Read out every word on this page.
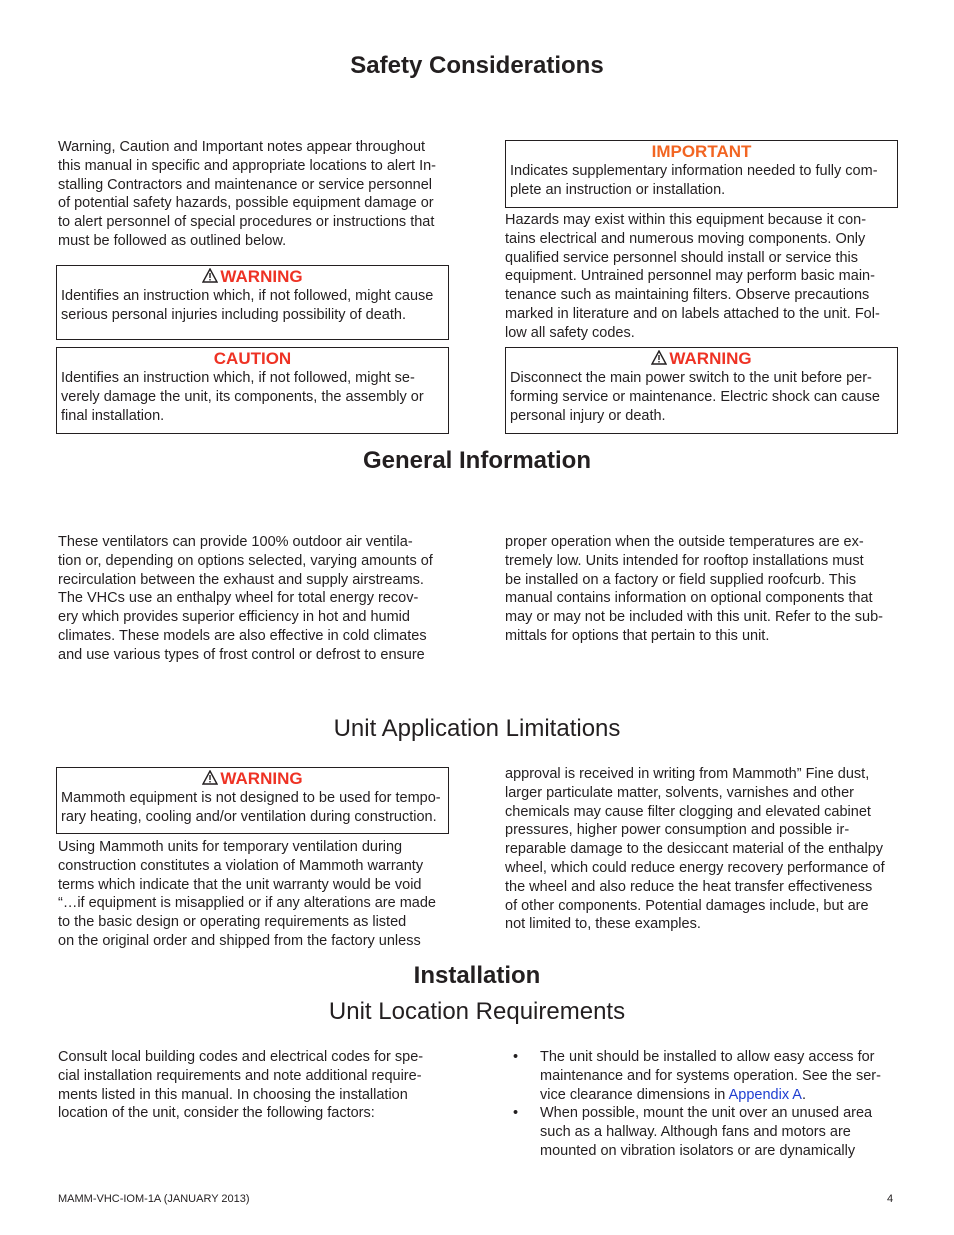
Safety Considerations

Warning, Caution and Important notes appear throughout
this manual in specific and appropriate locations to alert In-
stalling Contractors and maintenance or service personnel
of potential safety hazards, possible equipment damage or
to alert personnel of special procedures or instructions that
must be followed as outlined below.

WARNING

Identifies an instruction which, if not followed, might cause
serious personal injuries including possibility of death.

CAUTION

Identifies an instruction which, if not followed, might se-
verely damage the unit, its components, the assembly or
final installation.

IMPORTANT

Indicates supplementary information needed to fully com-
plete an instruction or installation.

Hazards may exist within this equipment because it con-
tains electrical and numerous moving components. Only
qualified service personnel should install or service this
equipment. Untrained personnel may perform basic main-
tenance such as maintaining filters. Observe precautions
marked in literature and on labels attached to the unit. Fol-
low all safety codes.

WARNING

Disconnect the main power switch to the unit before per-
forming service or maintenance. Electric shock can cause
personal injury or death.

General Information

These ventilators can provide 100% outdoor air ventila-
tion or, depending on options selected, varying amounts of
recirculation between the exhaust and supply airstreams.
The VHCs use an enthalpy wheel for total energy recov-
ery which provides superior efficiency in hot and humid
climates. These models are also effective in cold climates
and use various types of frost control or defrost to ensure

proper operation when the outside temperatures are ex-
tremely low. Units intended for rooftop installations must
be installed on a factory or field supplied roofcurb. This
manual contains information on optional components that
may or may not be included with this unit. Refer to the sub-
mittals for options that pertain to this unit.

Unit Application Limitations

WARNING

Mammoth equipment is not designed to be used for tempo-
rary heating, cooling and/or ventilation during construction.

Using Mammoth units for temporary ventilation during
construction constitutes a violation of Mammoth warranty
terms which indicate that the unit warranty would be void
“…if equipment is misapplied or if any alterations are made
to the basic design or operating requirements as listed
on the original order and shipped from the factory unless

approval is received in writing from Mammoth” Fine dust,
larger particulate matter, solvents, varnishes and other
chemicals may cause filter clogging and elevated cabinet
pressures, higher power consumption and possible ir-
reparable damage to the desiccant material of the enthalpy
wheel, which could reduce energy recovery performance of
the wheel and also reduce the heat transfer effectiveness
of other components. Potential damages include, but are
not limited to, these examples.

Installation
Unit Location Requirements

Consult local building codes and electrical codes for spe-
cial installation requirements and note additional require-
ments listed in this manual. In choosing the installation
location of the unit, consider the following factors:

•	The unit should be installed to allow easy access for
maintenance and for systems operation. See the ser-
vice clearance dimensions in Appendix A.

•	When possible, mount the unit over an unused area
such as a hallway. Although fans and motors are
mounted on vibration isolators or are dynamically

MAMM-VHC-IOM-1A (JANUARY 2013)	4
